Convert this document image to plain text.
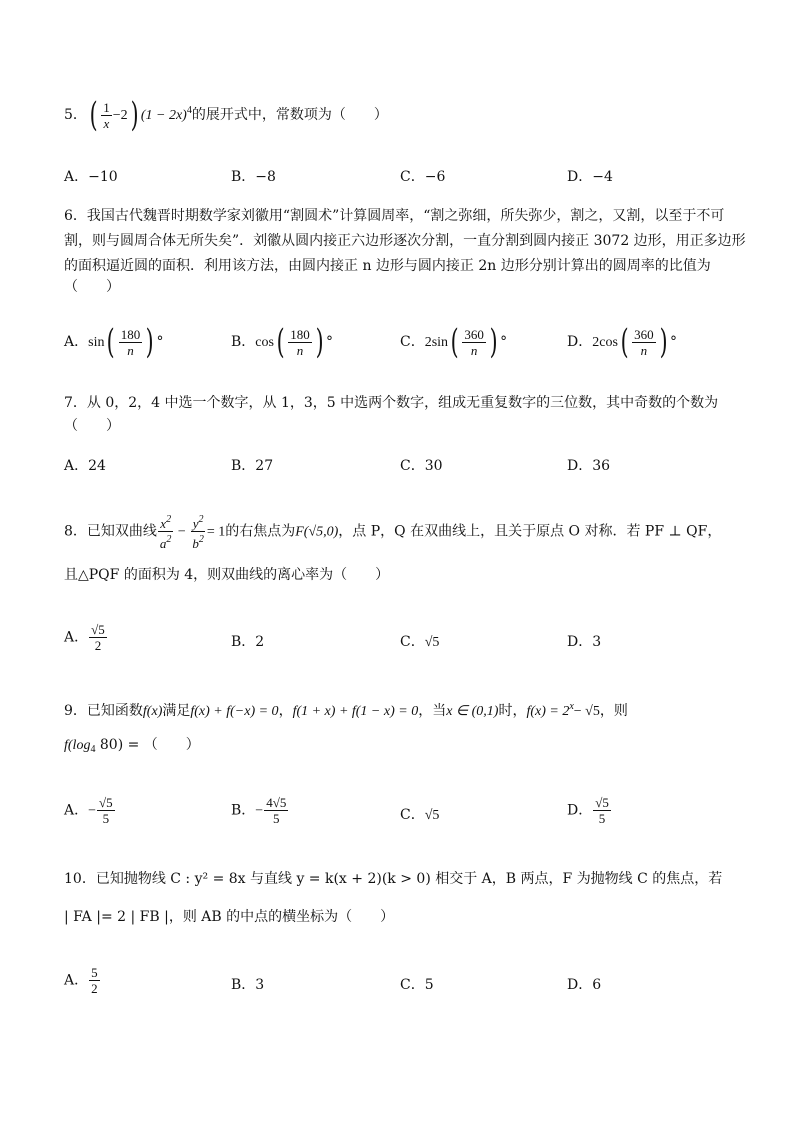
5．( $\frac{1}{x} -2$) $(1 - 2x)^4$的展开式中，常数项为（　　）
A．−10	B．−8	C．−6	D．−4
6．我国古代魏晋时期数学家刘徽用“割圆术”计算圆周率，“割之弥细，所失弥少，割之，又割，以至于不可
割，则与圆周合体无所失矣”．刘徽从圆内接正六边形逐次分割，一直分割到圆内接正 3072 边形，用正多边形
的面积逼近圆的面积．利用该方法，由圆内接正 n 边形与圆内接正 2n 边形分别计算出的圆周率的比值为
（　　）
A．$\sin( \frac{180}{n}$ ) °	B．$\cos( \frac{180}{n}$ ) °	C．$2\sin( \frac{360}{n}$ ) °	D．$2\cos( \frac{360}{n}$ ) °
7．从 0，2，4 中选一个数字，从 1，3，5 中选两个数字，组成无重复数字的三位数，其中奇数的个数为
（　　）
A．24	B．27	C．30	D．36
8．已知双曲线 $\frac{x^2}{a^2} - \frac{y^2}{b^2} = 1$的右焦点为F(√5,0)，点 P，Q 在双曲线上，且关于原点 O 对称．若 PF ⊥ QF，
且△PQF 的面积为 4，则双曲线的离心率为（　　）
A． $\frac{√5}{2}$	B．2	C．√5	D．3
9．已知函数f(x)满足f(x) + f(−x) = 0，f(1 + x) + f(1 − x) = 0，当x ∈ (0,1)时，$f(x) = 2^x- √5$，则
$f(\log_4$ 80) = （　　）
A．− $\frac{√5}{5}$	B．− $\frac{4√5}{5}$	C．√5	D． $\frac{√5}{5}$
10．已知抛物线 C : y² = 8x 与直线 y = k(x + 2)(k > 0) 相交于 A，B 两点，F 为抛物线 C 的焦点，若
| FA |= 2 | FB |，则 AB 的中点的横坐标为（　　）
A． $\frac{5}{2}$	B．3	C．5	D．6
